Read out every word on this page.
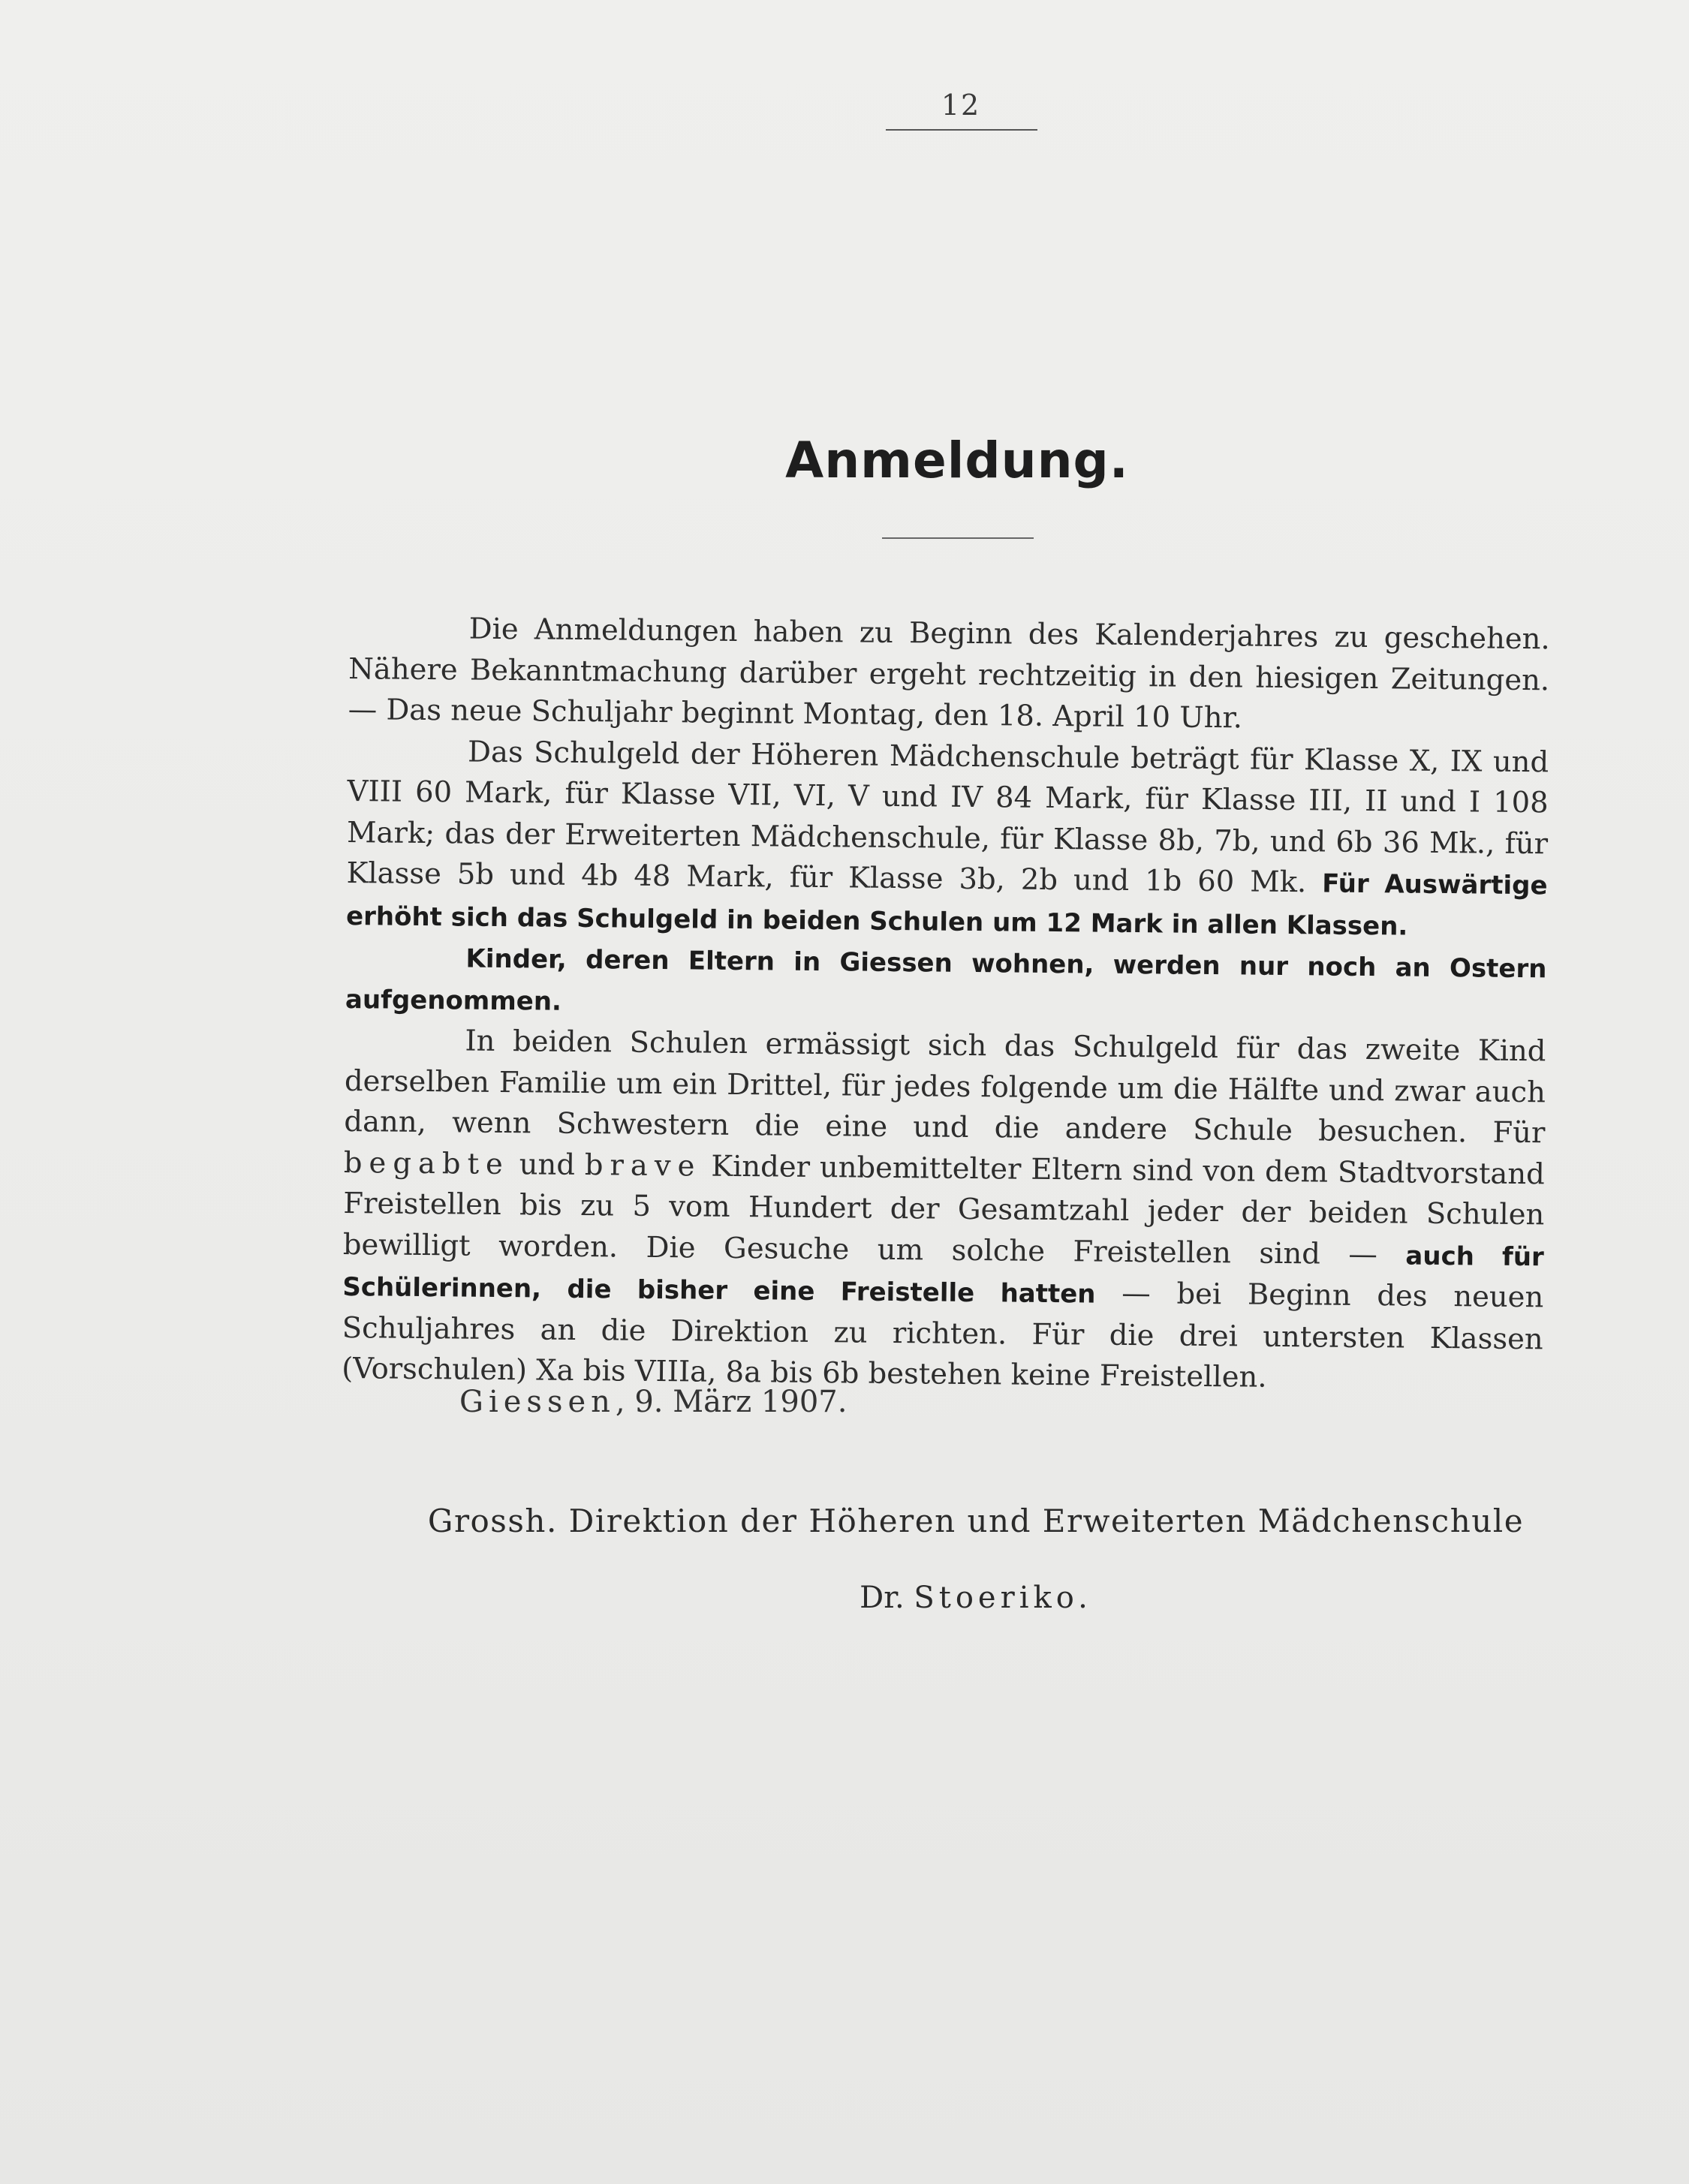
12
Anmeldung.

Die Anmeldungen haben zu Beginn des Kalenderjahres zu geschehen. Nähere Bekanntmachung darüber ergeht rechtzeitig in den hiesigen Zeitungen. — Das neue Schuljahr beginnt Montag, den 18. April 10 Uhr.

Das Schulgeld der Höheren Mädchenschule beträgt für Klasse X, IX und VIII 60 Mark, für Klasse VII, VI, V und IV 84 Mark, für Klasse III, II und I 108 Mark; das der Erweiterten Mädchenschule, für Klasse 8b, 7b, und 6b 36 Mk., für Klasse 5b und 4b 48 Mark, für Klasse 3b, 2b und 1b 60 Mk. Für Auswärtige erhöht sich das Schulgeld in beiden Schulen um 12 Mark in allen Klassen.

Kinder, deren Eltern in Giessen wohnen, werden nur noch an Ostern aufgenommen.

In beiden Schulen ermässigt sich das Schulgeld für das zweite Kind derselben Familie um ein Drittel, für jedes folgende um die Hälfte und zwar auch dann, wenn Schwestern die eine und die andere Schule besuchen. Für begabte und brave Kinder unbemittelter Eltern sind von dem Stadtvorstand Freistellen bis zu 5 vom Hundert der Gesamtzahl jeder der beiden Schulen bewilligt worden. Die Gesuche um solche Freistellen sind — auch für Schülerinnen, die bisher eine Freistelle hatten — bei Beginn des neuen Schuljahres an die Direktion zu richten. Für die drei untersten Klassen (Vorschulen) Xa bis VIIIa, 8a bis 6b bestehen keine Freistellen.

Giessen, 9. März 1907.
Grossh. Direktion der Höheren und Erweiterten Mädchenschule
Dr. Stoeriko.
